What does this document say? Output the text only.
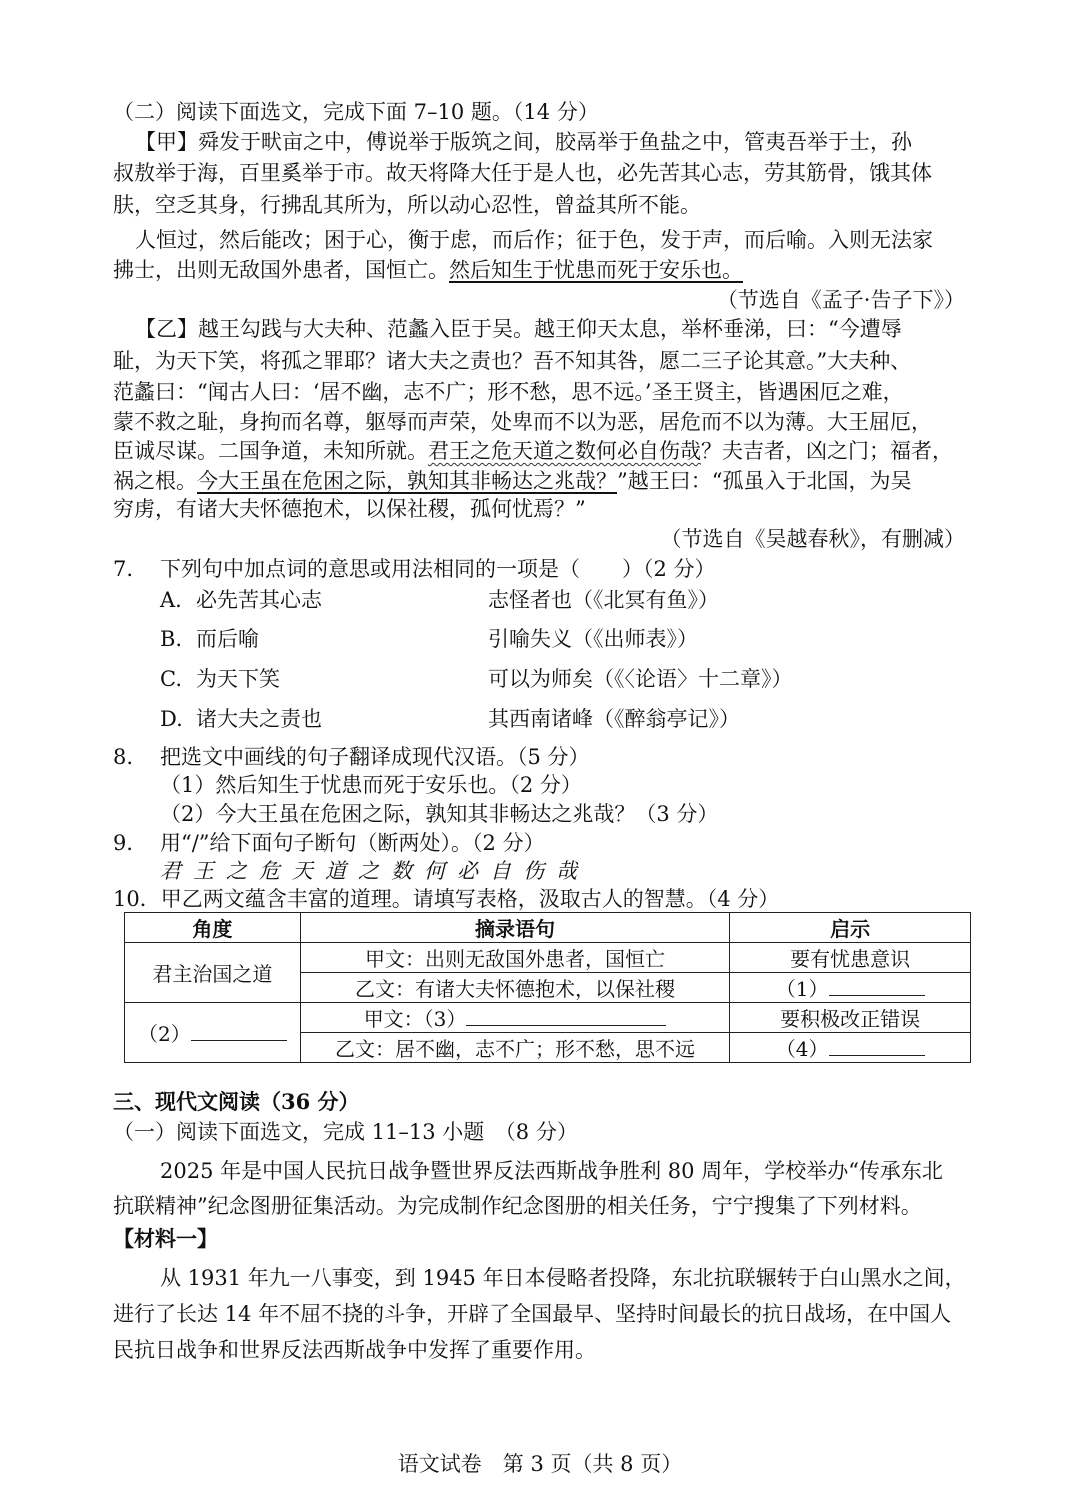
（二）阅读下面选文，完成下面 7–10 题。（14 分）
【甲】舜发于畎亩之中，傅说举于版筑之间，胶鬲举于鱼盐之中，管夷吾举于士，孙
叔敖举于海，百里奚举于市。故天将降大任于是人也，必先苦其心志，劳其筋骨，饿其体
肤，空乏其身，行拂乱其所为，所以动心忍性，曾益其所不能。
人恒过，然后能改；困于心，衡于虑，而后作；征于色，发于声，而后喻。入则无法家
拂士，出则无敌国外患者，国恒亡。然后知生于忧患而死于安乐也。
（节选自《孟子·告子下》）
【乙】越王勾践与大夫种、范蠡入臣于吴。越王仰天太息，举杯垂涕，曰：“今遭辱
耻，为天下笑，将孤之罪耶？诸大夫之责也？吾不知其咎，愿二三子论其意。”大夫种、
范蠡曰：“闻古人曰：‘居不幽，志不广；形不愁，思不远。’圣王贤主，皆遇困厄之难，
蒙不救之耻，身拘而名尊，躯辱而声荣，处卑而不以为恶，居危而不以为薄。大王屈厄，
臣诚尽谋。二国争道，未知所就。君王之危天道之数何必自伤哉？夫吉者，凶之门；福者，
祸之根。今大王虽在危困之际，孰知其非畅达之兆哉？”越王曰：“孤虽入于北国，为吴
穷虏，有诸大夫怀德抱术，以保社稷，孤何忧焉？”
（节选自《吴越春秋》，有删减）
7. 下列句中加点词的意思或用法相同的一项是（　　）（2 分）
A. 必先苦其心志	志怪者也（《北冥有鱼》）
B. 而后喻	引喻失义（《出师表》）
C. 为天下笑	可以为师矣（《〈论语〉十二章》）
D. 诸大夫之责也	其西南诸峰（《醉翁亭记》）
8. 把选文中画线的句子翻译成现代汉语。（5 分）
（1）然后知生于忧患而死于安乐也。（2 分）
（2）今大王虽在危困之际，孰知其非畅达之兆哉？（3 分）
9． 用“/”给下面句子断句（断两处）。（2 分）
君王之危天道之数何必自伤哉
10．甲乙两文蕴含丰富的道理。请填写表格，汲取古人的智慧。（4 分）
角度	摘录语句	启示
君主治国之道	甲文：出则无敌国外患者，国恒亡	要有忧患意识
	乙文：有诸大夫怀德抱术，以保社稷	（1）
（2）	甲文：（3）	要积极改正错误
	乙文：居不幽，志不广；形不愁，思不远	（4）
三、现代文阅读（36 分）
（一）阅读下面选文，完成 11–13 小题　（8 分）
2025 年是中国人民抗日战争暨世界反法西斯战争胜利 80 周年，学校举办“传承东北
抗联精神”纪念图册征集活动。为完成制作纪念图册的相关任务，宁宁搜集了下列材料。
【材料一】
从 1931 年九一八事变，到 1945 年日本侵略者投降，东北抗联辗转于白山黑水之间，
进行了长达 14 年不屈不挠的斗争，开辟了全国最早、坚持时间最长的抗日战场，在中国人
民抗日战争和世界反法西斯战争中发挥了重要作用。
语文试卷　第 3 页（共 8 页）
